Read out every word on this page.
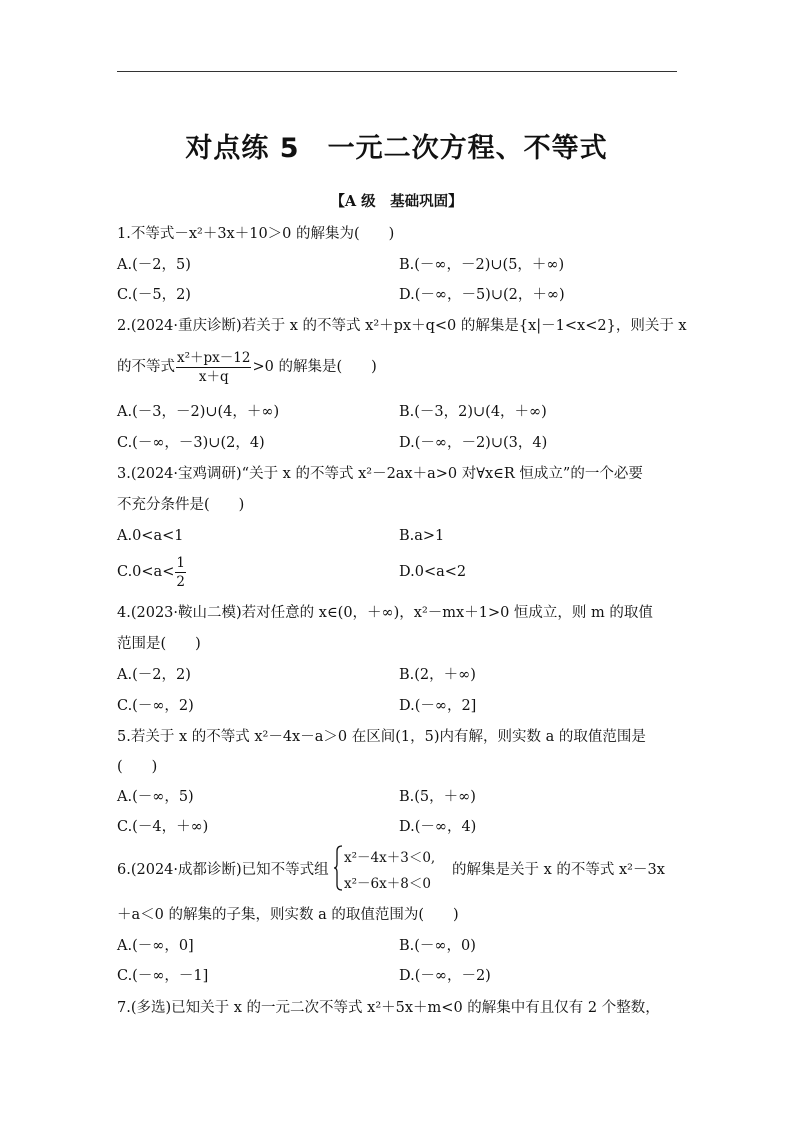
对点练 5　一元二次方程、不等式
【A 级　基础巩固】
1.不等式－x²＋3x＋10＞0 的解集为(　　)
A.(－2，5)	B.(－∞，－2)∪(5，＋∞)
C.(－5，2)	D.(－∞，－5)∪(2，＋∞)
2.(2024·重庆诊断)若关于 x 的不等式 x²＋px＋q<0 的解集是{x|－1<x<2}，则关于 x
的不等式 $\frac{\text{x²＋px－12}}{x+q} >0$ 的解集是(　　)
A.(－3，－2)∪(4，＋∞)	B.(－3，2)∪(4，＋∞)
C.(－∞，－3)∪(2，4)	D.(－∞，－2)∪(3，4)
3.(2024·宝鸡调研)“关于 x 的不等式 x²－2ax＋a>0 对∀x∈R 恒成立”的一个必要
不充分条件是(　　)
A.0<a<1	B.a>1
$C.0<a< \frac{1}{2}$	D.0<a<2
4.(2023·鞍山二模)若对任意的 x∈(0，＋∞)，x²－mx＋1>0 恒成立，则 m 的取值
范围是(　　)
A.(－2，2)	B.(2，＋∞)
C.(－∞，2)	D.(－∞，2]
5.若关于 x 的不等式 x²－4x－a＞0 在区间(1，5)内有解，则实数 a 的取值范围是
(　　)
A.(－∞，5)	B.(5，＋∞)
C.(－4，＋∞)	D.(－∞，4)
6.(2024·成都诊断)已知不等式组
x²－4x＋3＜0,
x²－6x＋8＜0
的解集是关于 x 的不等式 x²－3x
＋a＜0 的解集的子集，则实数 a 的取值范围为(　　)
A.(－∞，0]	B.(－∞，0)
C.(－∞，－1]	D.(－∞，－2)
7.(多选)已知关于 x 的一元二次不等式 x²＋5x＋m<0 的解集中有且仅有 2 个整数，
